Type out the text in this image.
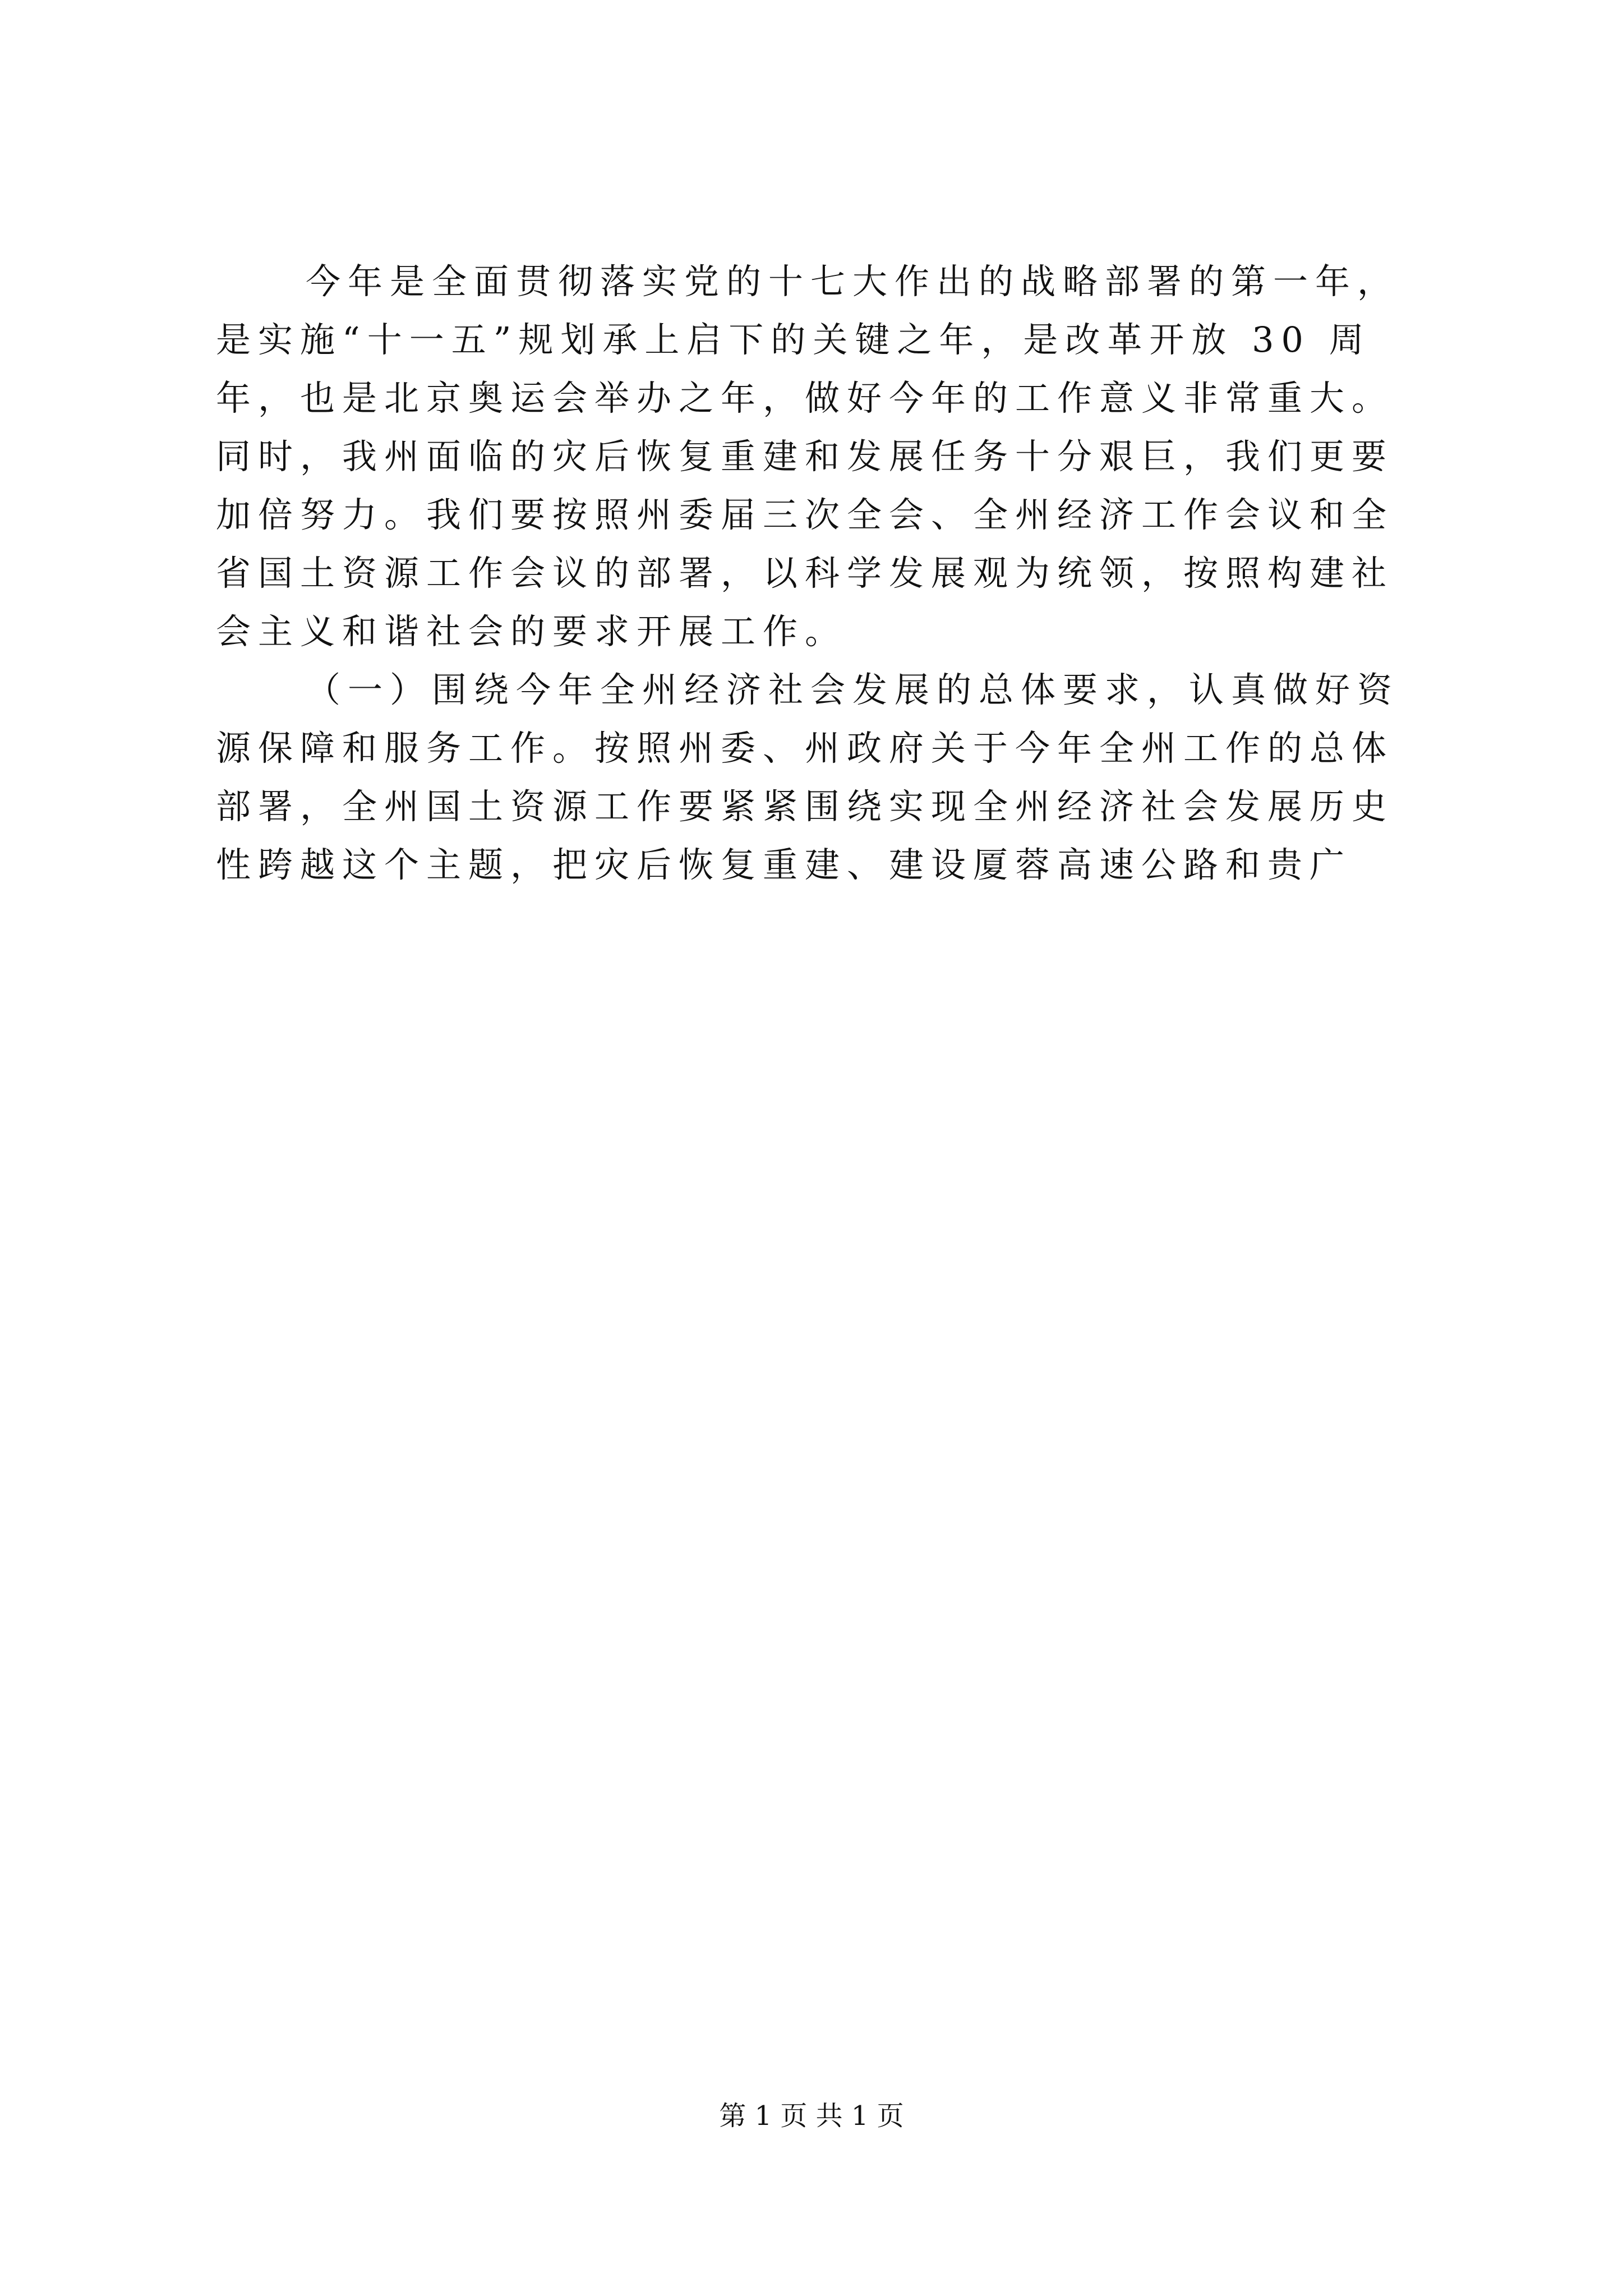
今年是全面贯彻落实党的十七大作出的战略部署的第一年，
是实施“十一五”规划承上启下的关键之年，是改革开放 30 周
年，也是北京奥运会举办之年，做好今年的工作意义非常重大。
同时，我州面临的灾后恢复重建和发展任务十分艰巨，我们更要
加倍努力。我们要按照州委届三次全会、全州经济工作会议和全
省国土资源工作会议的部署，以科学发展观为统领，按照构建社
会主义和谐社会的要求开展工作。
（一）围绕今年全州经济社会发展的总体要求，认真做好资
源保障和服务工作。按照州委、州政府关于今年全州工作的总体
部署，全州国土资源工作要紧紧围绕实现全州经济社会发展历史
性跨越这个主题，把灾后恢复重建、建设厦蓉高速公路和贵广
第 1 页 共 1 页
